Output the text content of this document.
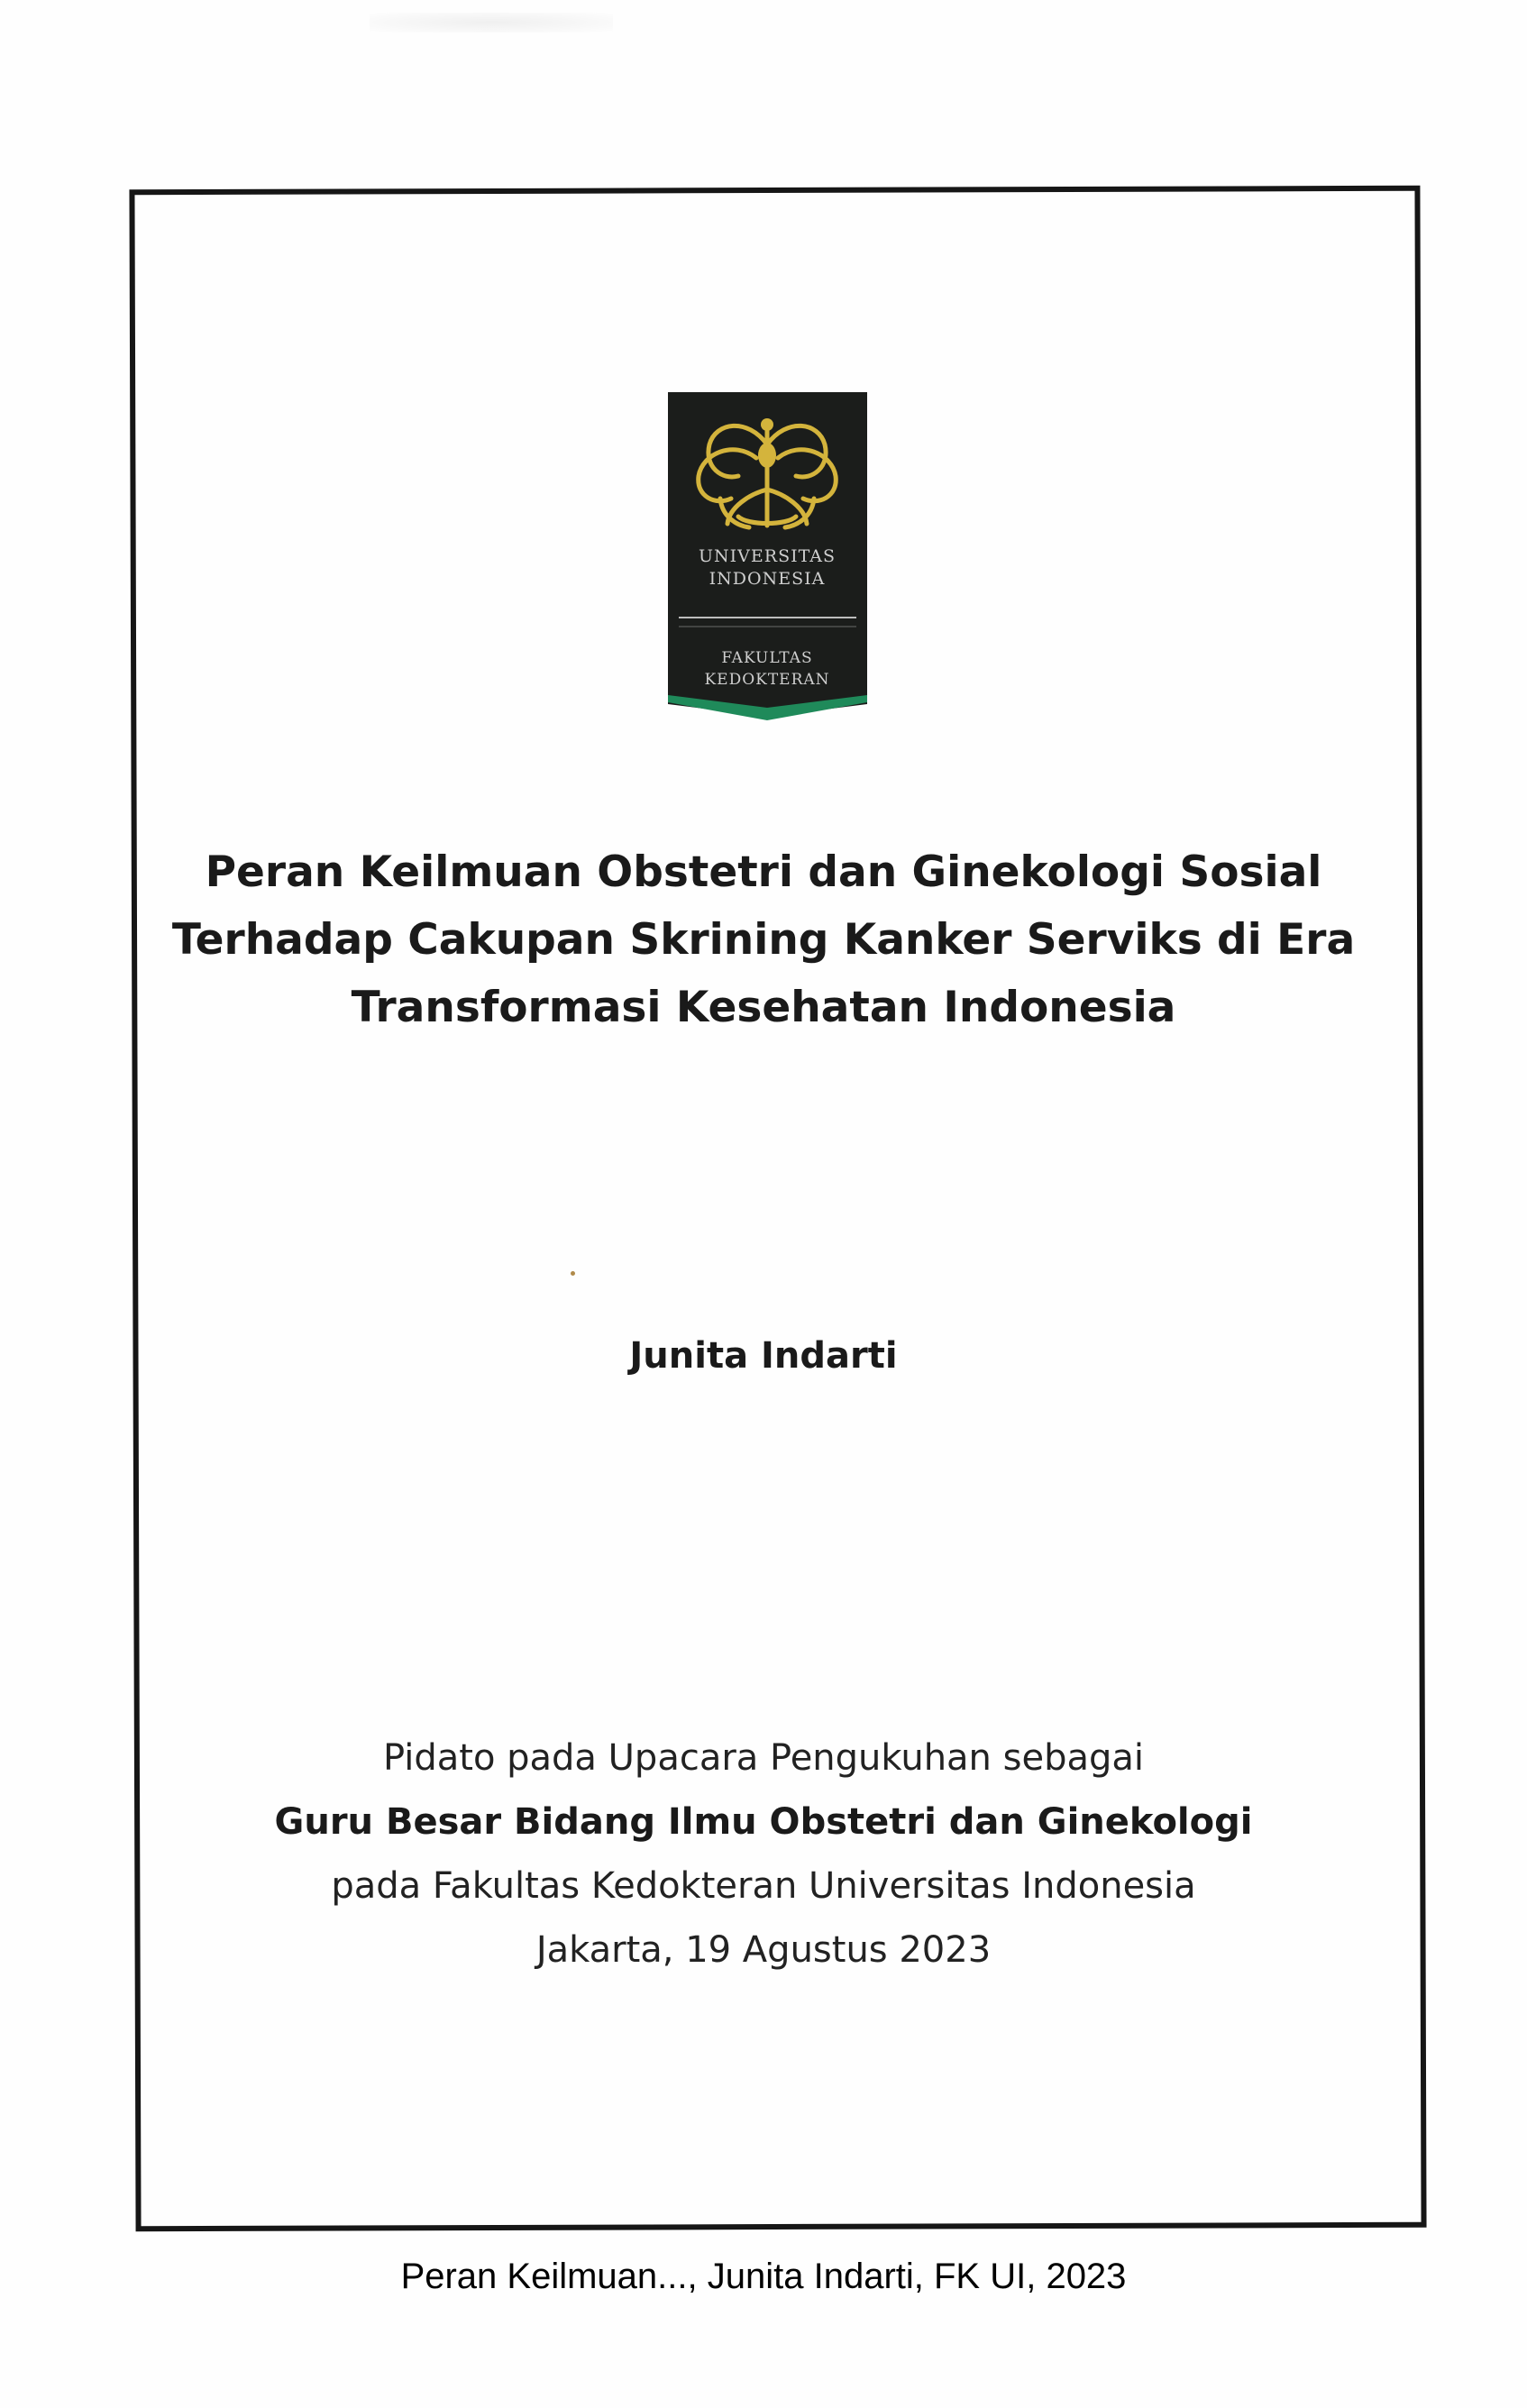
UNIVERSITAS
INDONESIA
FAKULTAS
KEDOKTERAN
Peran Keilmuan Obstetri dan Ginekologi Sosial
Terhadap Cakupan Skrining Kanker Serviks di Era
Transformasi Kesehatan Indonesia
Junita Indarti
Pidato pada Upacara Pengukuhan sebagai
Guru Besar Bidang Ilmu Obstetri dan Ginekologi
pada Fakultas Kedokteran Universitas Indonesia
Jakarta, 19 Agustus 2023
Peran Keilmuan..., Junita Indarti, FK UI, 2023
